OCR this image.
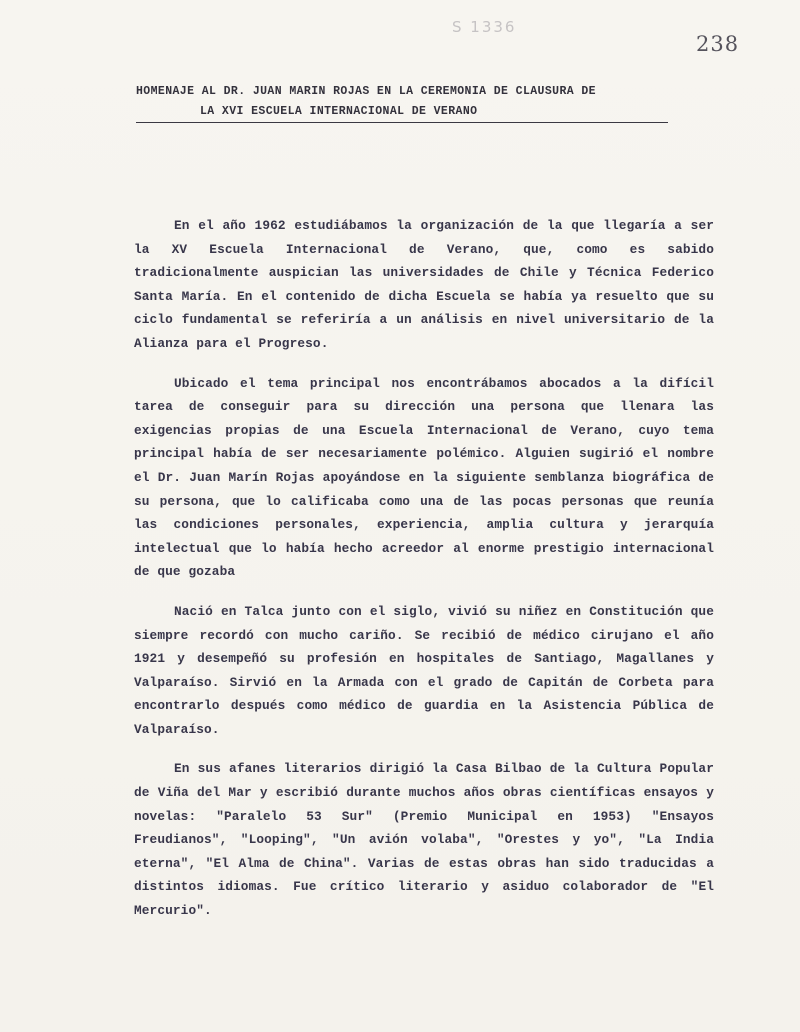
S 1336
238
HOMENAJE AL DR. JUAN MARIN ROJAS EN LA CEREMONIA DE CLAUSURA DE
LA XVI ESCUELA INTERNACIONAL DE VERANO

En el año 1962 estudiábamos la organización de la que llegaría a ser la XV Escuela Internacional de Verano, que, como es sabido tradicionalmente auspician las universidades de Chile y Técnica Federico Santa María. En el contenido de dicha Escuela se había ya resuelto que su ciclo fundamental se referiría a un análisis en nivel universitario de la Alianza para el Progreso.

Ubicado el tema principal nos encontrábamos abocados a la difícil tarea de conseguir para su dirección una persona que llenara las exigencias propias de una Escuela Internacional de Verano, cuyo tema principal había de ser necesariamente polémico. Alguien sugirió el nombre el Dr. Juan Marín Rojas apoyándose en la siguiente semblanza biográfica de su persona, que lo calificaba como una de las pocas personas que reunía las condiciones personales, experiencia, amplia cultura y jerarquía intelectual que lo había hecho acreedor al enorme prestigio internacional de que gozaba

Nació en Talca junto con el siglo, vivió su niñez en Constitución que siempre recordó con mucho cariño. Se recibió de médico cirujano el año 1921 y desempeñó su profesión en hospitales de Santiago, Magallanes y Valparaíso. Sirvió en la Armada con el grado de Capitán de Corbeta para encontrarlo después como médico de guardia en la Asistencia Pública de Valparaíso.

En sus afanes literarios dirigió la Casa Bilbao de la Cultura Popular de Viña del Mar y escribió durante muchos años obras científicas ensayos y novelas: "Paralelo 53 Sur" (Premio Municipal en 1953) "Ensayos Freudianos", "Looping", "Un avión volaba", "Orestes y yo", "La India eterna", "El Alma de China". Varias de estas obras han sido traducidas a distintos idiomas. Fue crítico literario y asiduo colaborador de "El Mercurio".
